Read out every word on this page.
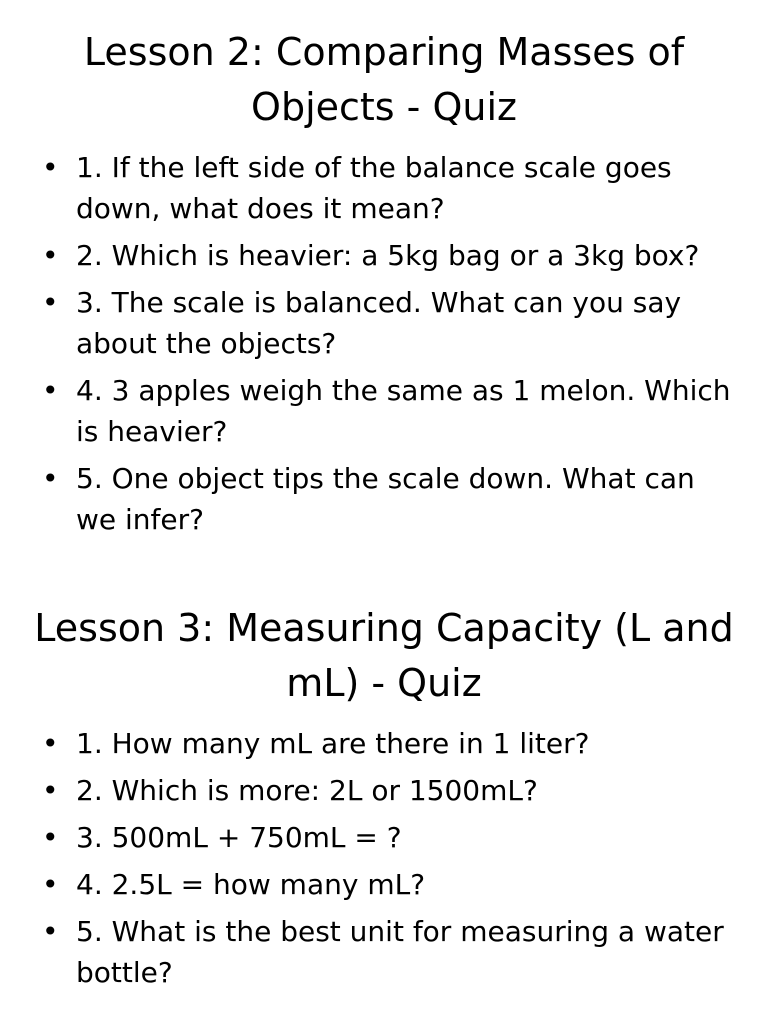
Lesson 2: Comparing Masses of Objects - Quiz
• 1. If the left side of the balance scale goes down, what does it mean?
• 2. Which is heavier: a 5kg bag or a 3kg box?
• 3. The scale is balanced. What can you say about the objects?
• 4. 3 apples weigh the same as 1 melon. Which is heavier?
• 5. One object tips the scale down. What can we infer?
Lesson 3: Measuring Capacity (L and mL) - Quiz
• 1. How many mL are there in 1 liter?
• 2. Which is more: 2L or 1500mL?
• 3. 500mL + 750mL = ?
• 4. 2.5L = how many mL?
• 5. What is the best unit for measuring a water bottle?
